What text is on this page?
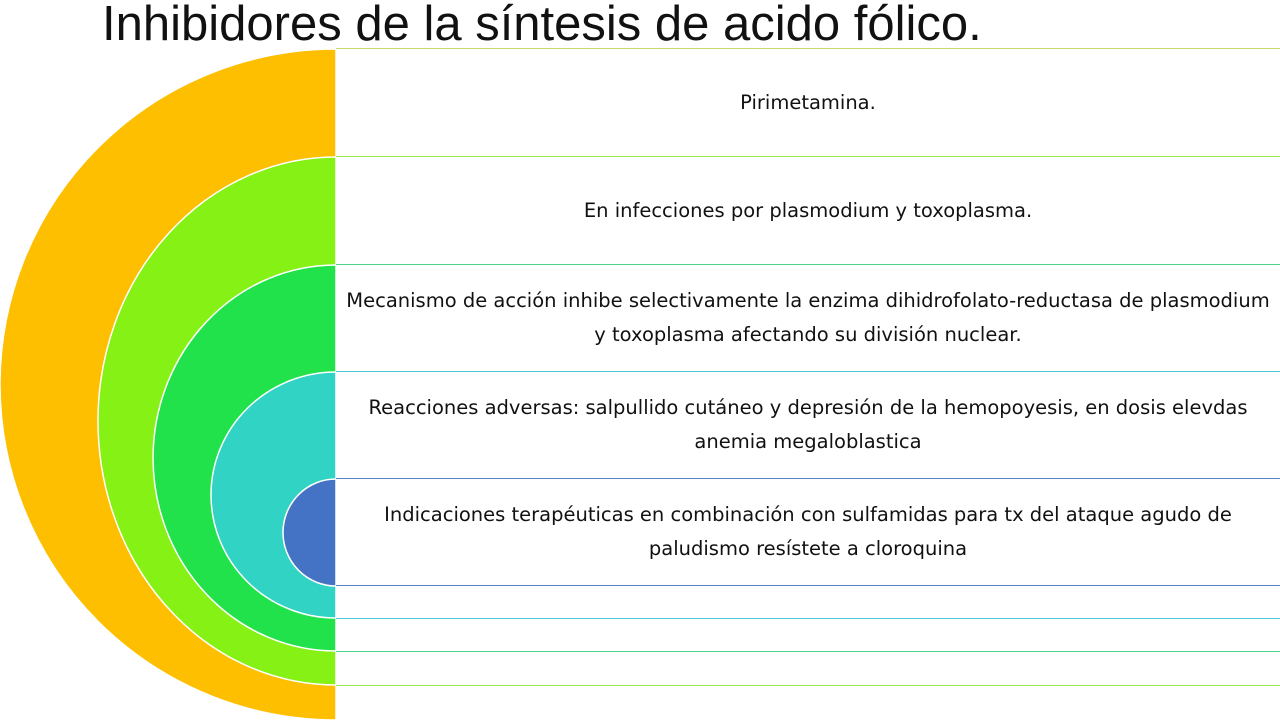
Inhibidores de la síntesis de acido fólico.
Pirimetamina.
En infecciones por plasmodium y toxoplasma.
Mecanismo de acción inhibe selectivamente la enzima dihidrofolato-reductasa de plasmodium y toxoplasma afectando su división nuclear.
Reacciones adversas: salpullido cutáneo y depresión de la hemopoyesis, en dosis elevdas anemia megaloblastica
Indicaciones terapéuticas en combinación con sulfamidas para tx del ataque agudo de paludismo resístete a cloroquina
